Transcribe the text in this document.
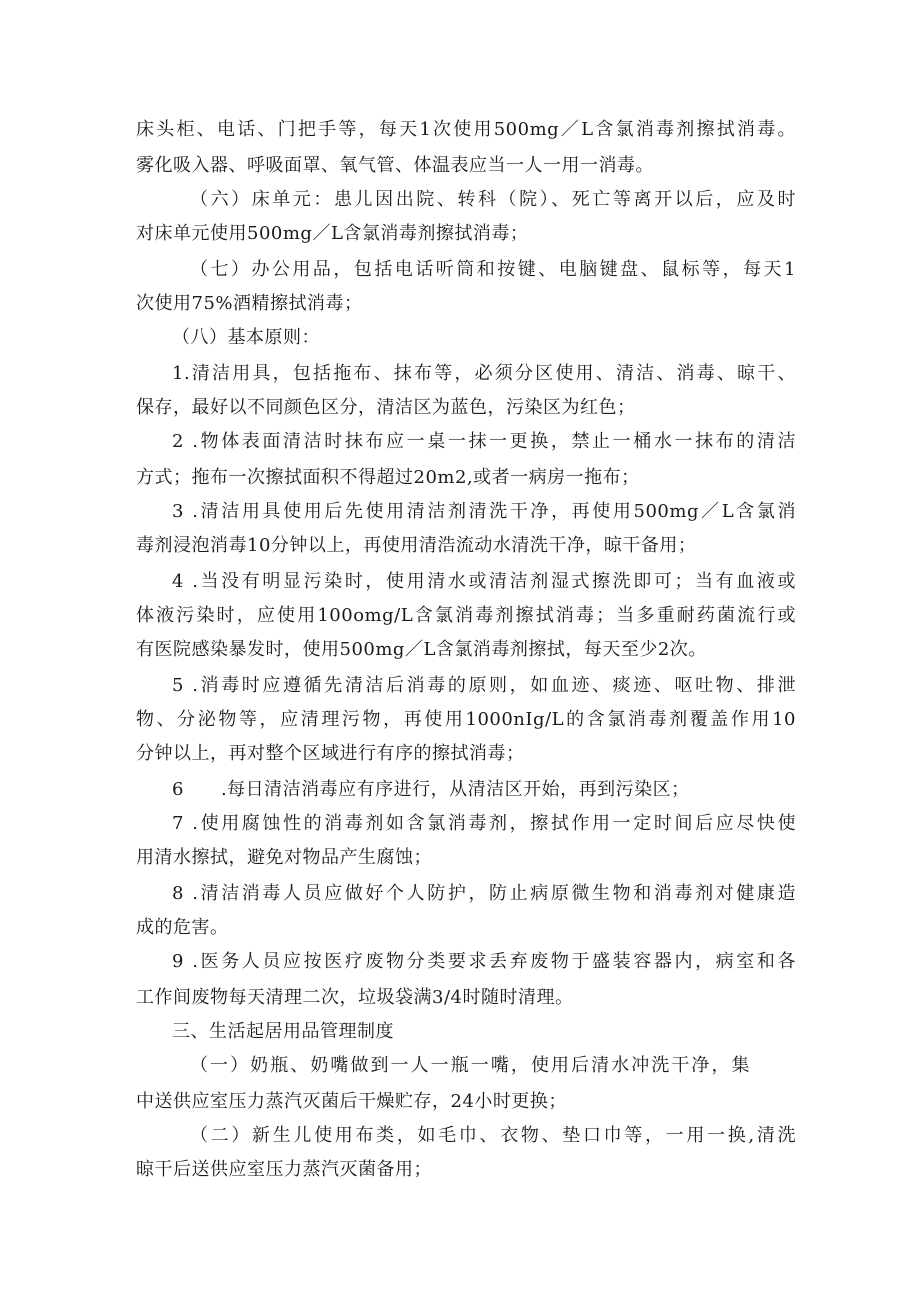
床头柜、电话、门把手等，每天1次使用500mg／L含氯消毒剂擦拭消毒。
雾化吸入器、呼吸面罩、氧气管、体温表应当一人一用一消毒。
（六）床单元：患儿因出院、转科（院）、死亡等离开以后，应及时
对床单元使用500mg／L含氯消毒剂擦拭消毒；
（七）办公用品，包括电话听筒和按键、电脑键盘、鼠标等，每天1
次使用75%酒精擦拭消毒；
（八）基本原则：
1.清洁用具，包括拖布、抹布等，必须分区使用、清洁、消毒、晾干、
保存，最好以不同颜色区分，清洁区为蓝色，污染区为红色；
2 .物体表面清洁时抹布应一桌一抹一更换，禁止一桶水一抹布的清洁
方式；拖布一次擦拭面积不得超过20m2,或者一病房一拖布；
3 .清洁用具使用后先使用清洁剂清洗干净，再使用500mg／L含氯消
毒剂浸泡消毒10分钟以上，再使用清浩流动水清洗干净，晾干备用；
4 .当没有明显污染时，使用清水或清洁剂湿式擦洗即可；当有血液或
体液污染时，应使用100omg/L含氯消毒剂擦拭消毒；当多重耐药菌流行或
有医院感染暴发时，使用500mg／L含氯消毒剂擦拭，每天至少2次。
5 .消毒时应遵循先清洁后消毒的原则，如血迹、痰迹、呕吐物、排泄
物、分泌物等，应清理污物，再使用1000nIg/L的含氯消毒剂覆盖作用10
分钟以上，再对整个区域进行有序的擦拭消毒；
6　　.每日清洁消毒应有序进行，从清洁区开始，再到污染区；
7 .使用腐蚀性的消毒剂如含氯消毒剂，擦拭作用一定时间后应尽快使
用清水擦拭，避免对物品产生腐蚀；
8 .清洁消毒人员应做好个人防护，防止病原微生物和消毒剂对健康造
成的危害。
9 .医务人员应按医疗废物分类要求丢弃废物于盛装容器内，病室和各
工作间废物每天清理二次，垃圾袋满3/4时随时清理。
三、生活起居用品管理制度
（一）奶瓶、奶嘴做到一人一瓶一嘴，使用后清水冲洗干净，集
中送供应室压力蒸汽灭菌后干燥贮存，24小时更换；
（二）新生儿使用布类，如毛巾、衣物、垫口巾等，一用一换,清洗
晾干后送供应室压力蒸汽灭菌备用；
